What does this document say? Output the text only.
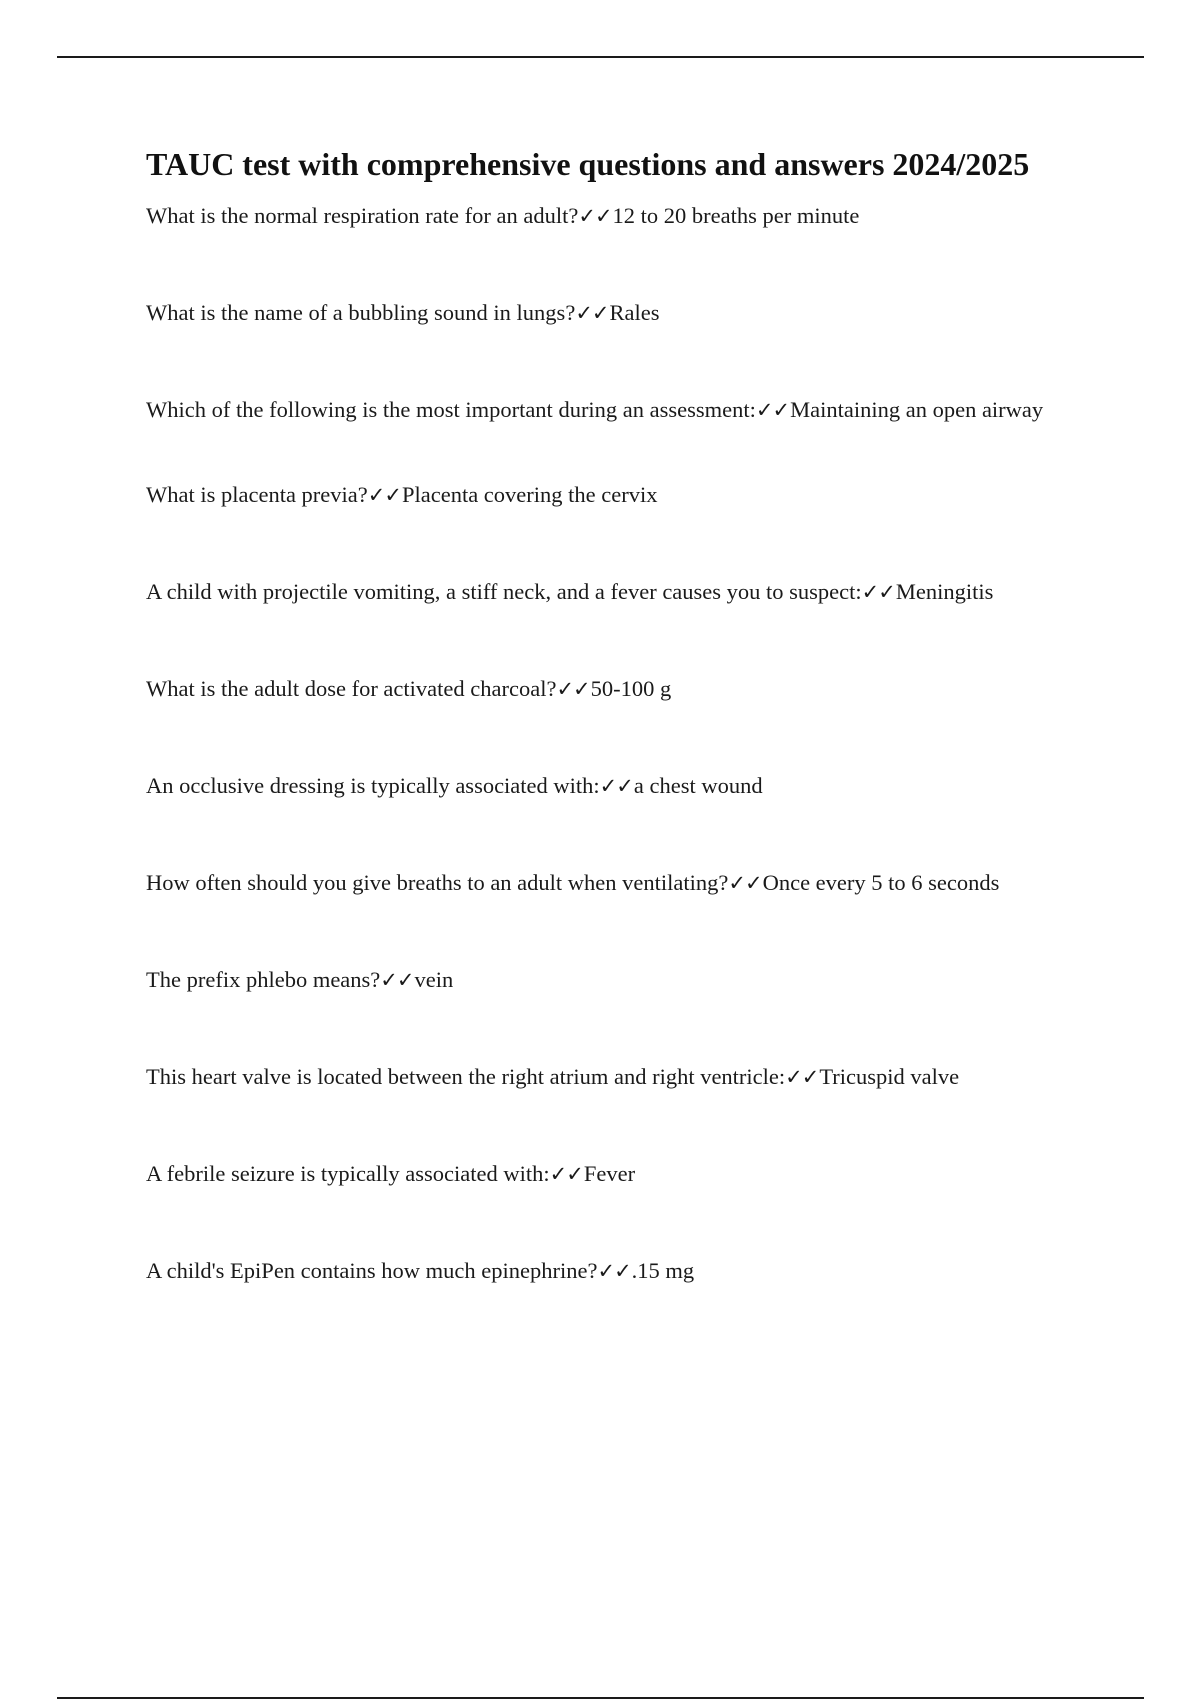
TAUC test with comprehensive questions and answers 2024/2025
What is the normal respiration rate for an adult?✓✓12 to 20 breaths per minute
What is the name of a bubbling sound in lungs?✓✓Rales
Which of the following is the most important during an assessment:✓✓Maintaining an open airway
What is placenta previa?✓✓Placenta covering the cervix
A child with projectile vomiting, a stiff neck, and a fever causes you to suspect:✓✓Meningitis
What is the adult dose for activated charcoal?✓✓50-100 g
An occlusive dressing is typically associated with:✓✓a chest wound
How often should you give breaths to an adult when ventilating?✓✓Once every 5 to 6 seconds
The prefix phlebo means?✓✓vein
This heart valve is located between the right atrium and right ventricle:✓✓Tricuspid valve
A febrile seizure is typically associated with:✓✓Fever
A child's EpiPen contains how much epinephrine?✓✓.15 mg
